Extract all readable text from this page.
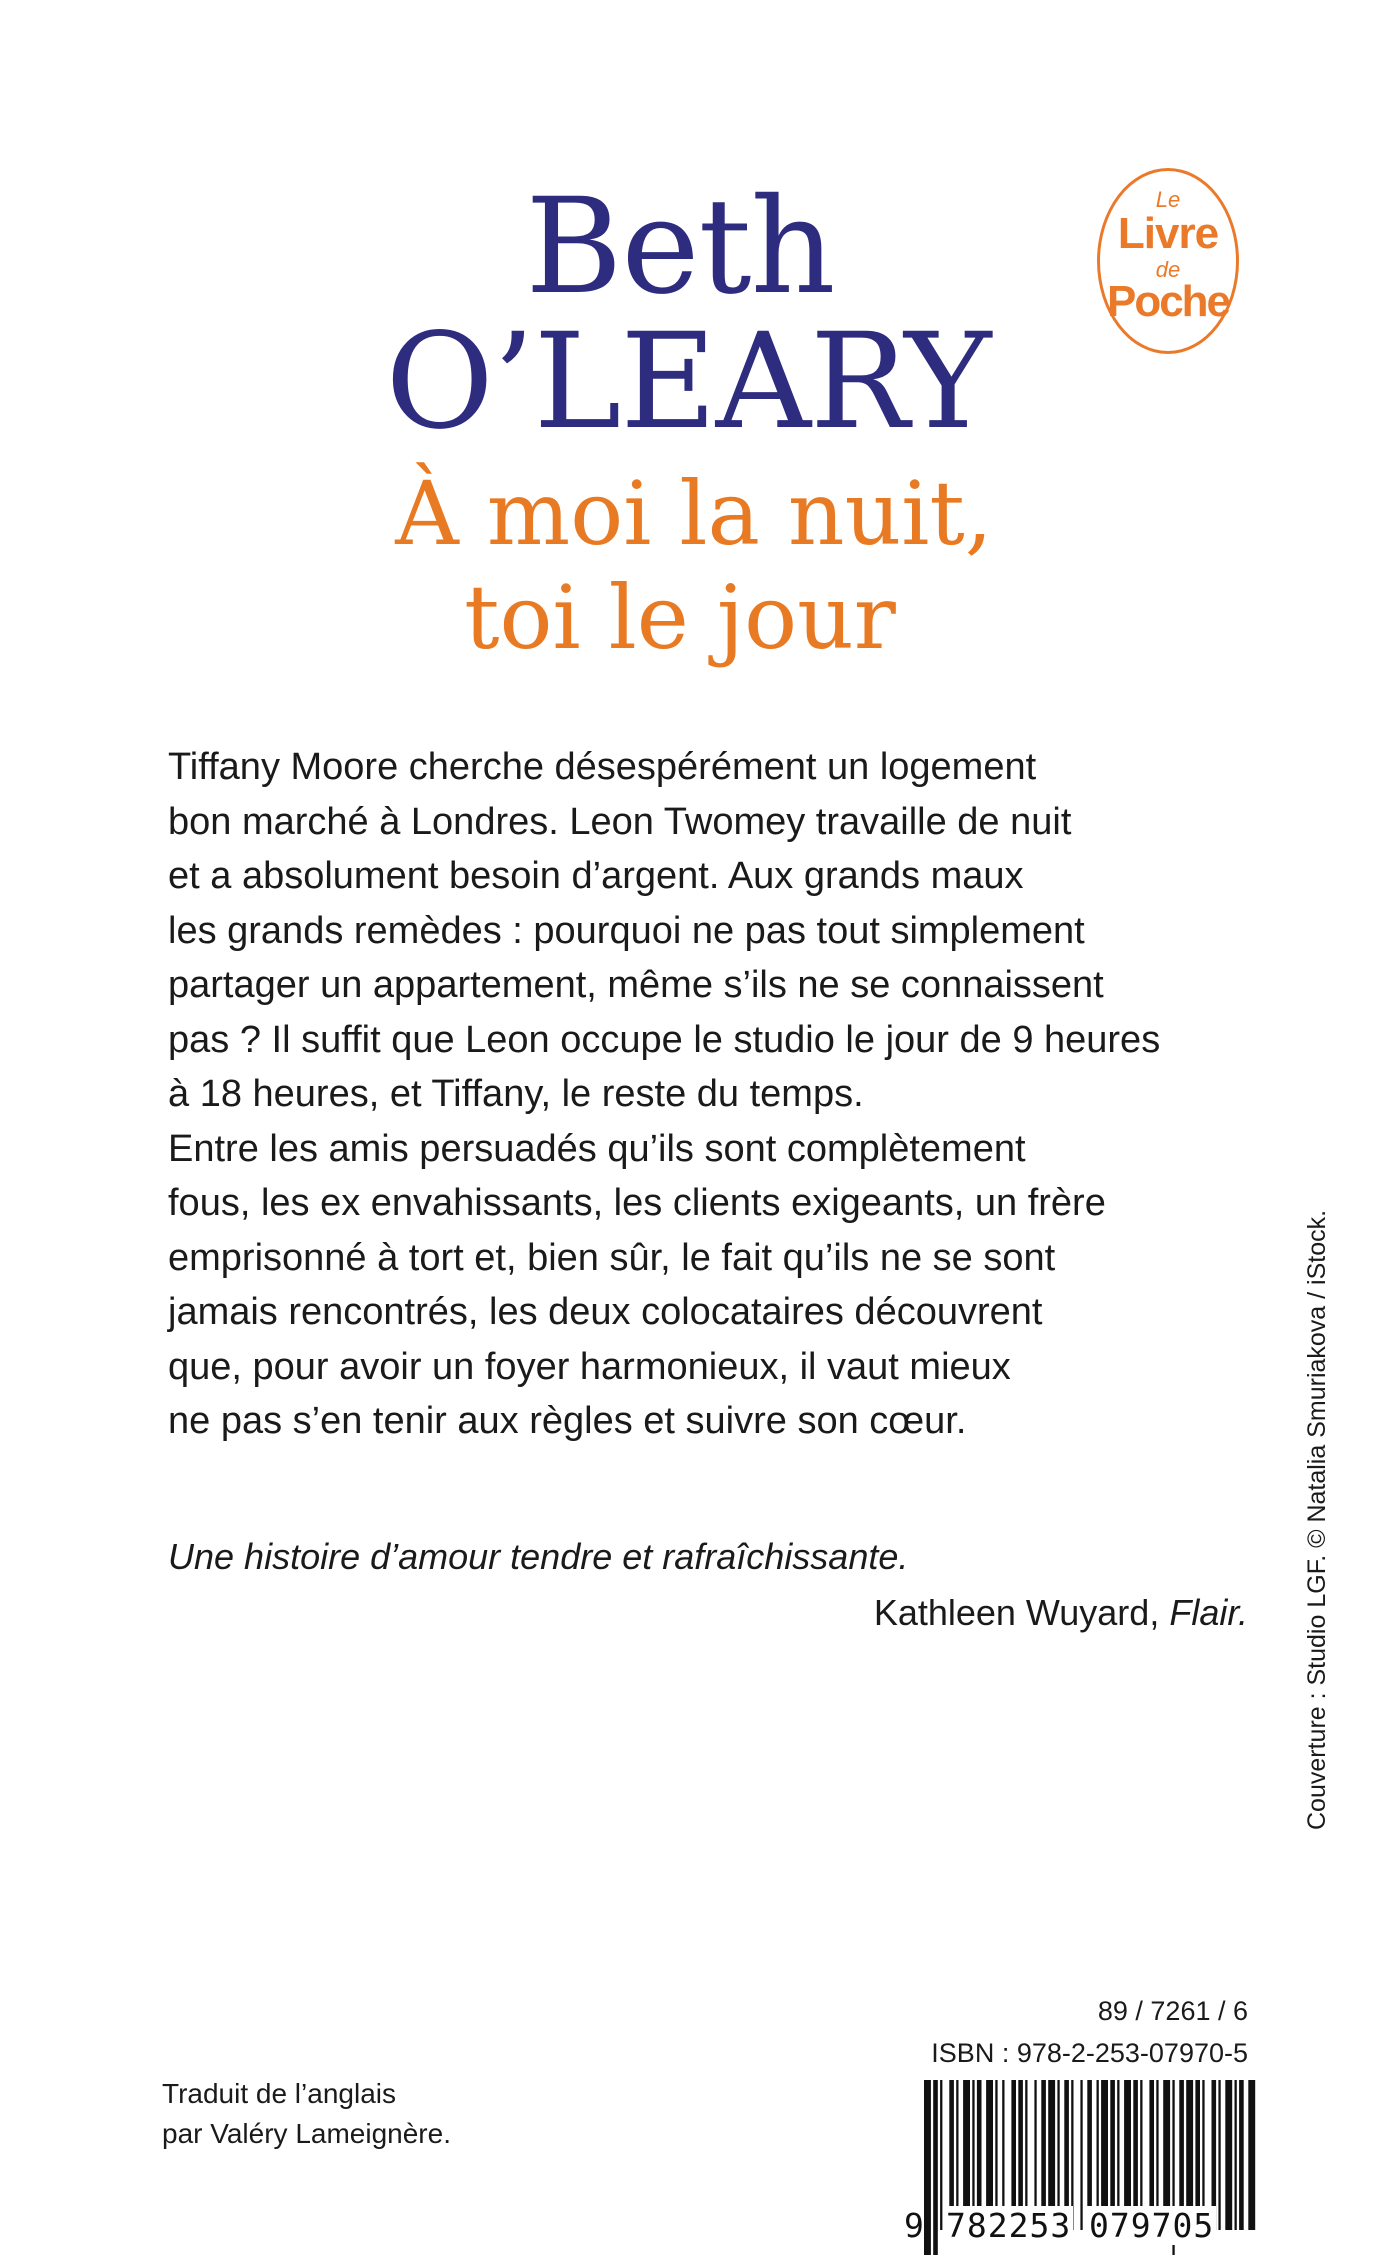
Beth
O’LEARY
À moi la nuit,
toi le jour
Le
Livre
de
Poche
Tiffany Moore cherche désespérément un logement
bon marché à Londres. Leon Twomey travaille de nuit
et a absolument besoin d’argent. Aux grands maux
les grands remèdes : pourquoi ne pas tout simplement
partager un appartement, même s’ils ne se connaissent
pas ? Il suffit que Leon occupe le studio le jour de 9 heures
à 18 heures, et Tiffany, le reste du temps.
Entre les amis persuadés qu’ils sont complètement
fous, les ex envahissants, les clients exigeants, un frère
emprisonné à tort et, bien sûr, le fait qu’ils ne se sont
jamais rencontrés, les deux colocataires découvrent
que, pour avoir un foyer harmonieux, il vaut mieux
ne pas s’en tenir aux règles et suivre son cœur.
Une histoire d’amour tendre et rafraîchissante.
Kathleen Wuyard, Flair. Couverture : Studio LGF. © Natalia Smuriakova / iStock.
89 / 7261 / 6
ISBN : 978-2-253-07970-5
Traduit de l’anglais
par Valéry Lameignère.
9 782253 079705
